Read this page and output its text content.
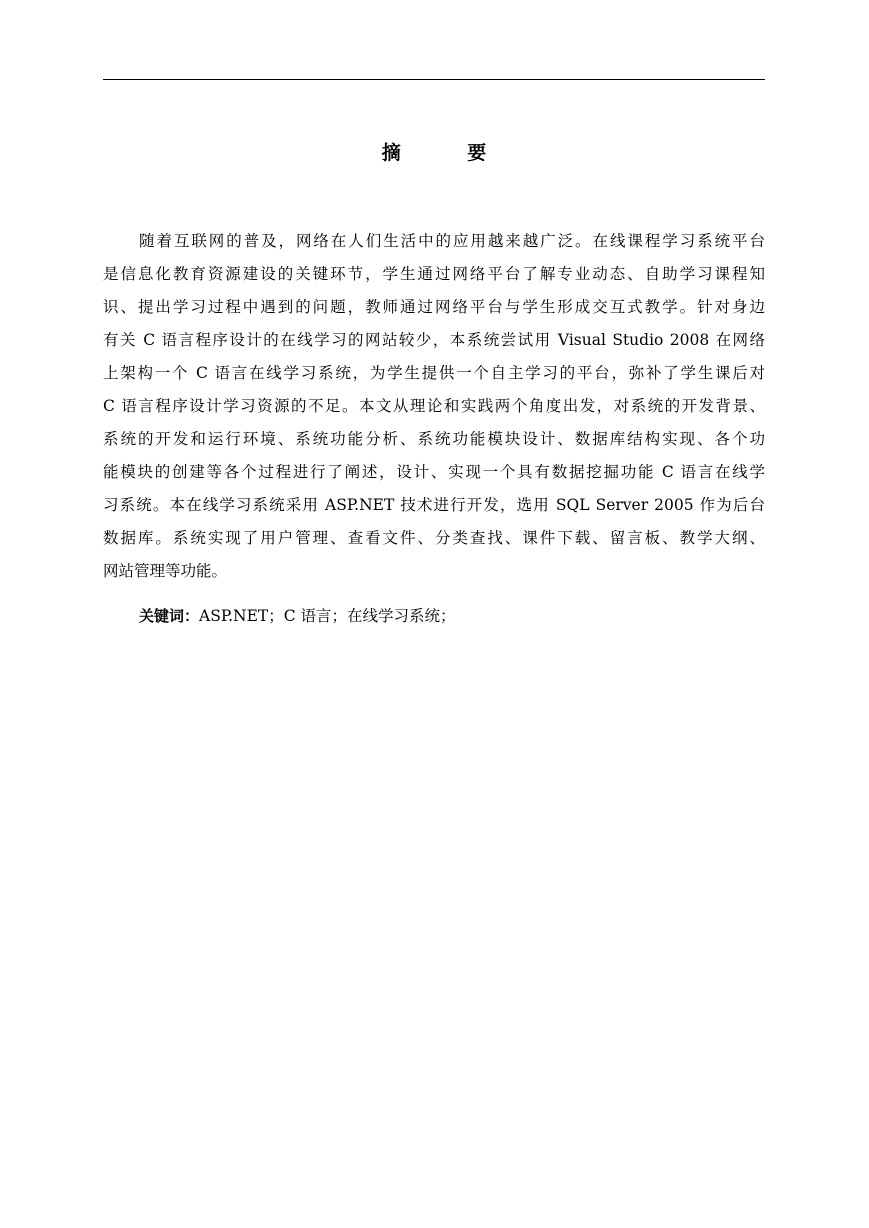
摘 要
随着互联网的普及，网络在人们生活中的应用越来越广泛。在线课程学习系统平台
是信息化教育资源建设的关键环节，学生通过网络平台了解专业动态、自助学习课程知
识、提出学习过程中遇到的问题，教师通过网络平台与学生形成交互式教学。针对身边
有关 C 语言程序设计的在线学习的网站较少，本系统尝试用 Visual Studio 2008 在网络
上架构一个 C 语言在线学习系统，为学生提供一个自主学习的平台，弥补了学生课后对
C 语言程序设计学习资源的不足。本文从理论和实践两个角度出发，对系统的开发背景、
系统的开发和运行环境、系统功能分析、系统功能模块设计、数据库结构实现、各个功
能模块的创建等各个过程进行了阐述，设计、实现一个具有数据挖掘功能 C 语言在线学
习系统。本在线学习系统采用 ASP.NET 技术进行开发，选用 SQL Server 2005 作为后台
数据库。系统实现了用户管理、查看文件、分类查找、课件下载、留言板、教学大纲、
网站管理等功能。
关键词：ASP.NET；C 语言；在线学习系统；
